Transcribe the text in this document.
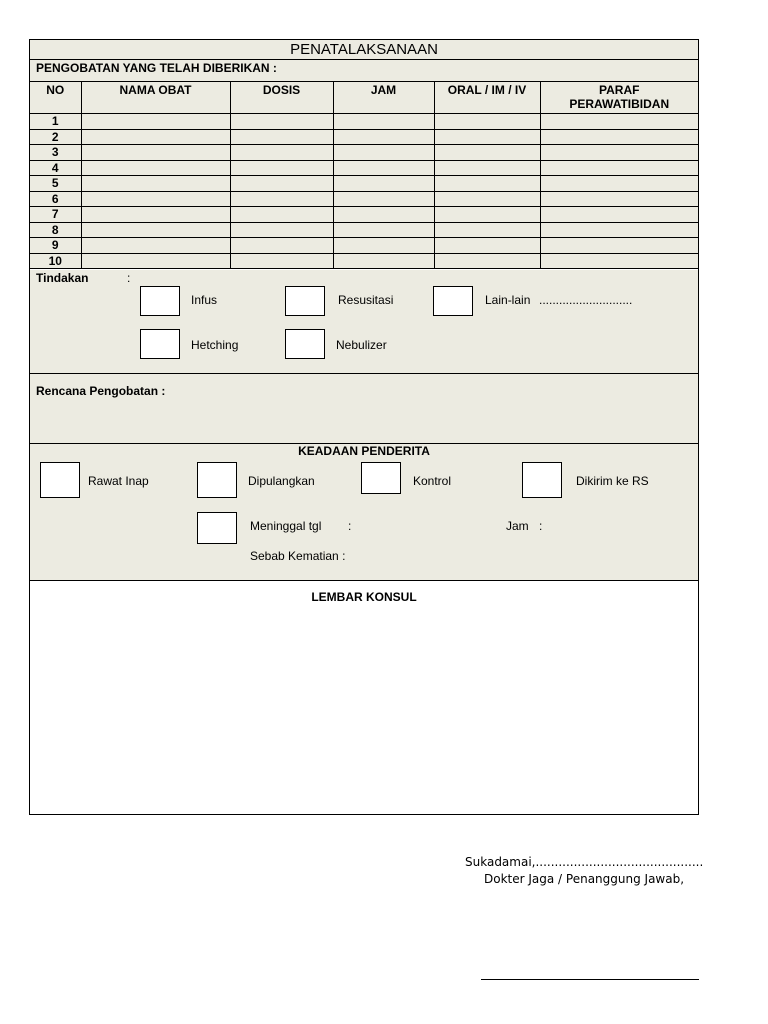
PENATALAKSANAAN
PENGOBATAN YANG TELAH DIBERIKAN :
NO	NAMA OBAT	DOSIS	JAM	ORAL / IM / IV	PARAF PERAWATIBIDAN
1					
2					
3					
4					
5					
6					
7					
8					
9					
10					
Tindakan	:
Infus	Resusitasi	Lain-lain ............................
Hetching	Nebulizer
Rencana Pengobatan :
KEADAAN PENDERITA
Rawat Inap	Dipulangkan	Kontrol	Dikirim ke RS
Meninggal tgl :	Jam :
Sebab Kematian :
LEMBAR KONSUL
Sukadamai,............................................
Dokter Jaga / Penanggung Jawab,
